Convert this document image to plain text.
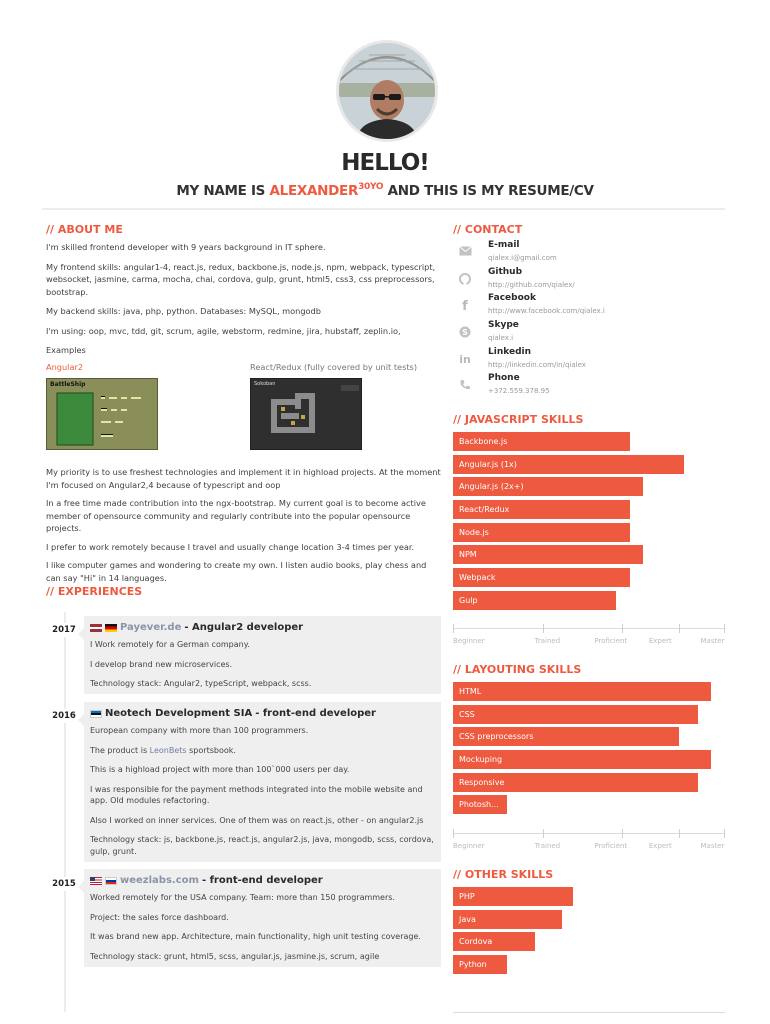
HELLO!
MY NAME IS $ALEXANDER^{30YO}$ AND THIS IS MY RESUME/CV
// ABOUT ME

I'm skilled frontend developer with 9 years background in IT sphere.

My frontend skills: angular1-4, react.js, redux, backbone.js, node.js, npm, webpack, typescript, websocket, jasmine, carma, mocha, chai, cordova, gulp, grunt, html5, css3, css preprocessors, bootstrap.

My backend skills: java, php, python. Databases: MySQL, mongodb

I'm using: oop, mvc, tdd, git, scrum, agile, webstorm, redmine, jira, hubstaff, zeplin.io,

Examples

Angular2	React/Redux (fully covered by unit tests)
BattleShip	Sokoban

My priority is to use freshest technologies and implement it in highload projects. At the moment I'm focused on Angular2,4 because of typescript and oop

In a free time made contribution into the ngx-bootstrap. My current goal is to become active member of opensource community and regularly contribute into the popular opensource projects.

I prefer to work remotely because I travel and usually change location 3-4 times per year.

I like computer games and wondering to create my own. I listen audio books, play chess and can say "Hi" in 14 languages.

// EXPERIENCES
2017	Payever.de - Angular2 developer

I Work remotely for a German company.

I develop brand new microservices.

Technology stack: Angular2, typeScript, webpack, scss.

2016	Neotech Development SIA - front-end developer

European company with more than 100 programmers.

The product is LeonBets sportsbook.

This is a highload project with more than 100`000 users per day.

I was responsible for the payment methods integrated into the mobile website and app. Old modules refactoring.

Also I worked on inner services. One of them was on react.js, other - on angular2.js

Technology stack: js, backbone.js, react.js, angular2.js, java, mongodb, scss, cordova, gulp, grunt.

2015	weezlabs.com - front-end developer

Worked remotely for the USA company. Team: more than 150 programmers.

Project: the sales force dashboard.

It was brand new app. Architecture, main functionality, high unit testing coverage.

Technology stack: grunt, html5, scss, angular.js, jasmine.js, scrum, agile

// CONTACT
E-mail
qialex.i@gmail.com
Github
http://github.com/qialex/
f
Facebook
http://www.facebook.com/qialex.i
S
Skype
qialex.i
in
Linkedin
http://linkedin.com/in/qialex
Phone
+372.559.378.95
// JAVASCRIPT SKILLS
Backbone.js
Angular.js (1x)
Angular.js (2x+)
React/Redux
Node.js
NPM
Webpack
Gulp
Beginner	Trained	Proficient	Expert	Master
// LAYOUTING SKILLS
HTML
CSS
CSS preprocessors
Mockuping
Responsive
Photosh...
Beginner	Trained	Proficient	Expert	Master
// OTHER SKILLS
PHP
Java
Cordova
Python
